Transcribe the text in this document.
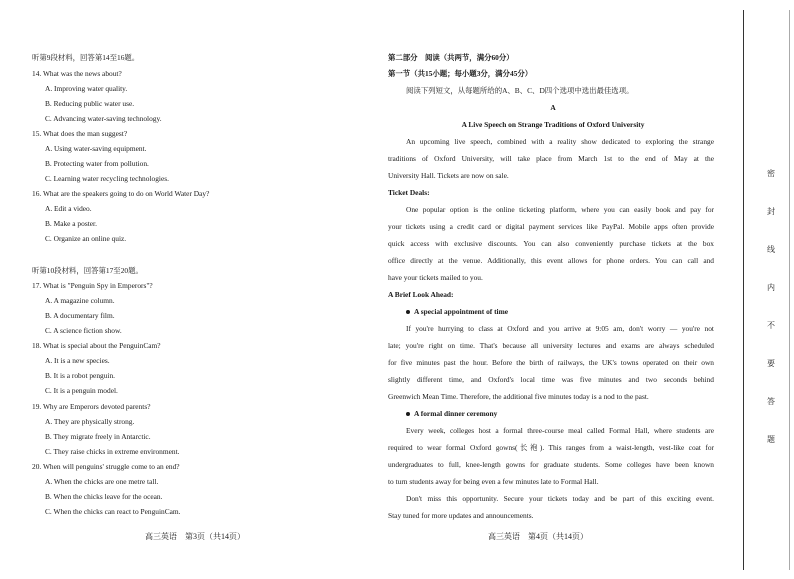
听第9段材料，回答第14至16题。
14. What was the news about?
A. Improving water quality.
B. Reducing public water use.
C. Advancing water-saving technology.
15. What does the man suggest?
A. Using water-saving equipment.
B. Protecting water from pollution.
C. Learning water recycling technologies.
16. What are the speakers going to do on World Water Day?
A. Edit a video.
B. Make a poster.
C. Organize an online quiz.
听第10段材料，回答第17至20题。
17. What is "Penguin Spy in Emperors"?
A. A magazine column.
B. A documentary film.
C. A science fiction show.
18. What is special about the PenguinCam?
A. It is a new species.
B. It is a robot penguin.
C. It is a penguin model.
19. Why are Emperors devoted parents?
A. They are physically strong.
B. They migrate freely in Antarctic.
C. They raise chicks in extreme environment.
20. When will penguins' struggle come to an end?
A. When the chicks are one metre tall.
B. When the chicks leave for the ocean.
C. When the chicks can react to PenguinCam.
高三英语　第3页（共14页）
第二部分　阅读（共两节，满分60分）
第一节（共15小题；每小题3分，满分45分）
阅读下列短文，从每题所给的A、B、C、D四个选项中选出最佳选项。
A
A Live Speech on Strange Traditions of Oxford University
An upcoming live speech, combined with a reality show dedicated to exploring the strange
traditions of Oxford University, will take place from March 1st to the end of May at the
University Hall. Tickets are now on sale.
Ticket Deals:
One popular option is the online ticketing platform, where you can easily book and pay for
your tickets using a credit card or digital payment services like PayPal. Mobile apps often provide
quick access with exclusive discounts. You can also conveniently purchase tickets at the box
office directly at the venue. Additionally, this event allows for phone orders. You can call and
have your tickets mailed to you.
A Brief Look Ahead:
A special appointment of time
If you're hurrying to class at Oxford and you arrive at 9:05 am, don't worry — you're not
late; you're right on time. That's because all university lectures and exams are always scheduled
for five minutes past the hour. Before the birth of railways, the UK's towns operated on their own
slightly different time, and Oxford's local time was five minutes and two seconds behind
Greenwich Mean Time. Therefore, the additional five minutes today is a nod to the past.
A formal dinner ceremony
Every week, colleges host a formal three-course meal called Formal Hall, where students are
required to wear formal Oxford gowns(长袍). This ranges from a waist-length, vest-like coat for
undergraduates to full, knee-length gowns for graduate students. Some colleges have been known
to turn students away for being even a few minutes late to Formal Hall.
Don't miss this opportunity. Secure your tickets today and be part of this exciting event.
Stay tuned for more updates and announcements.
高三英语　第4页（共14页）
密
封
线
内
不
要
答
题
